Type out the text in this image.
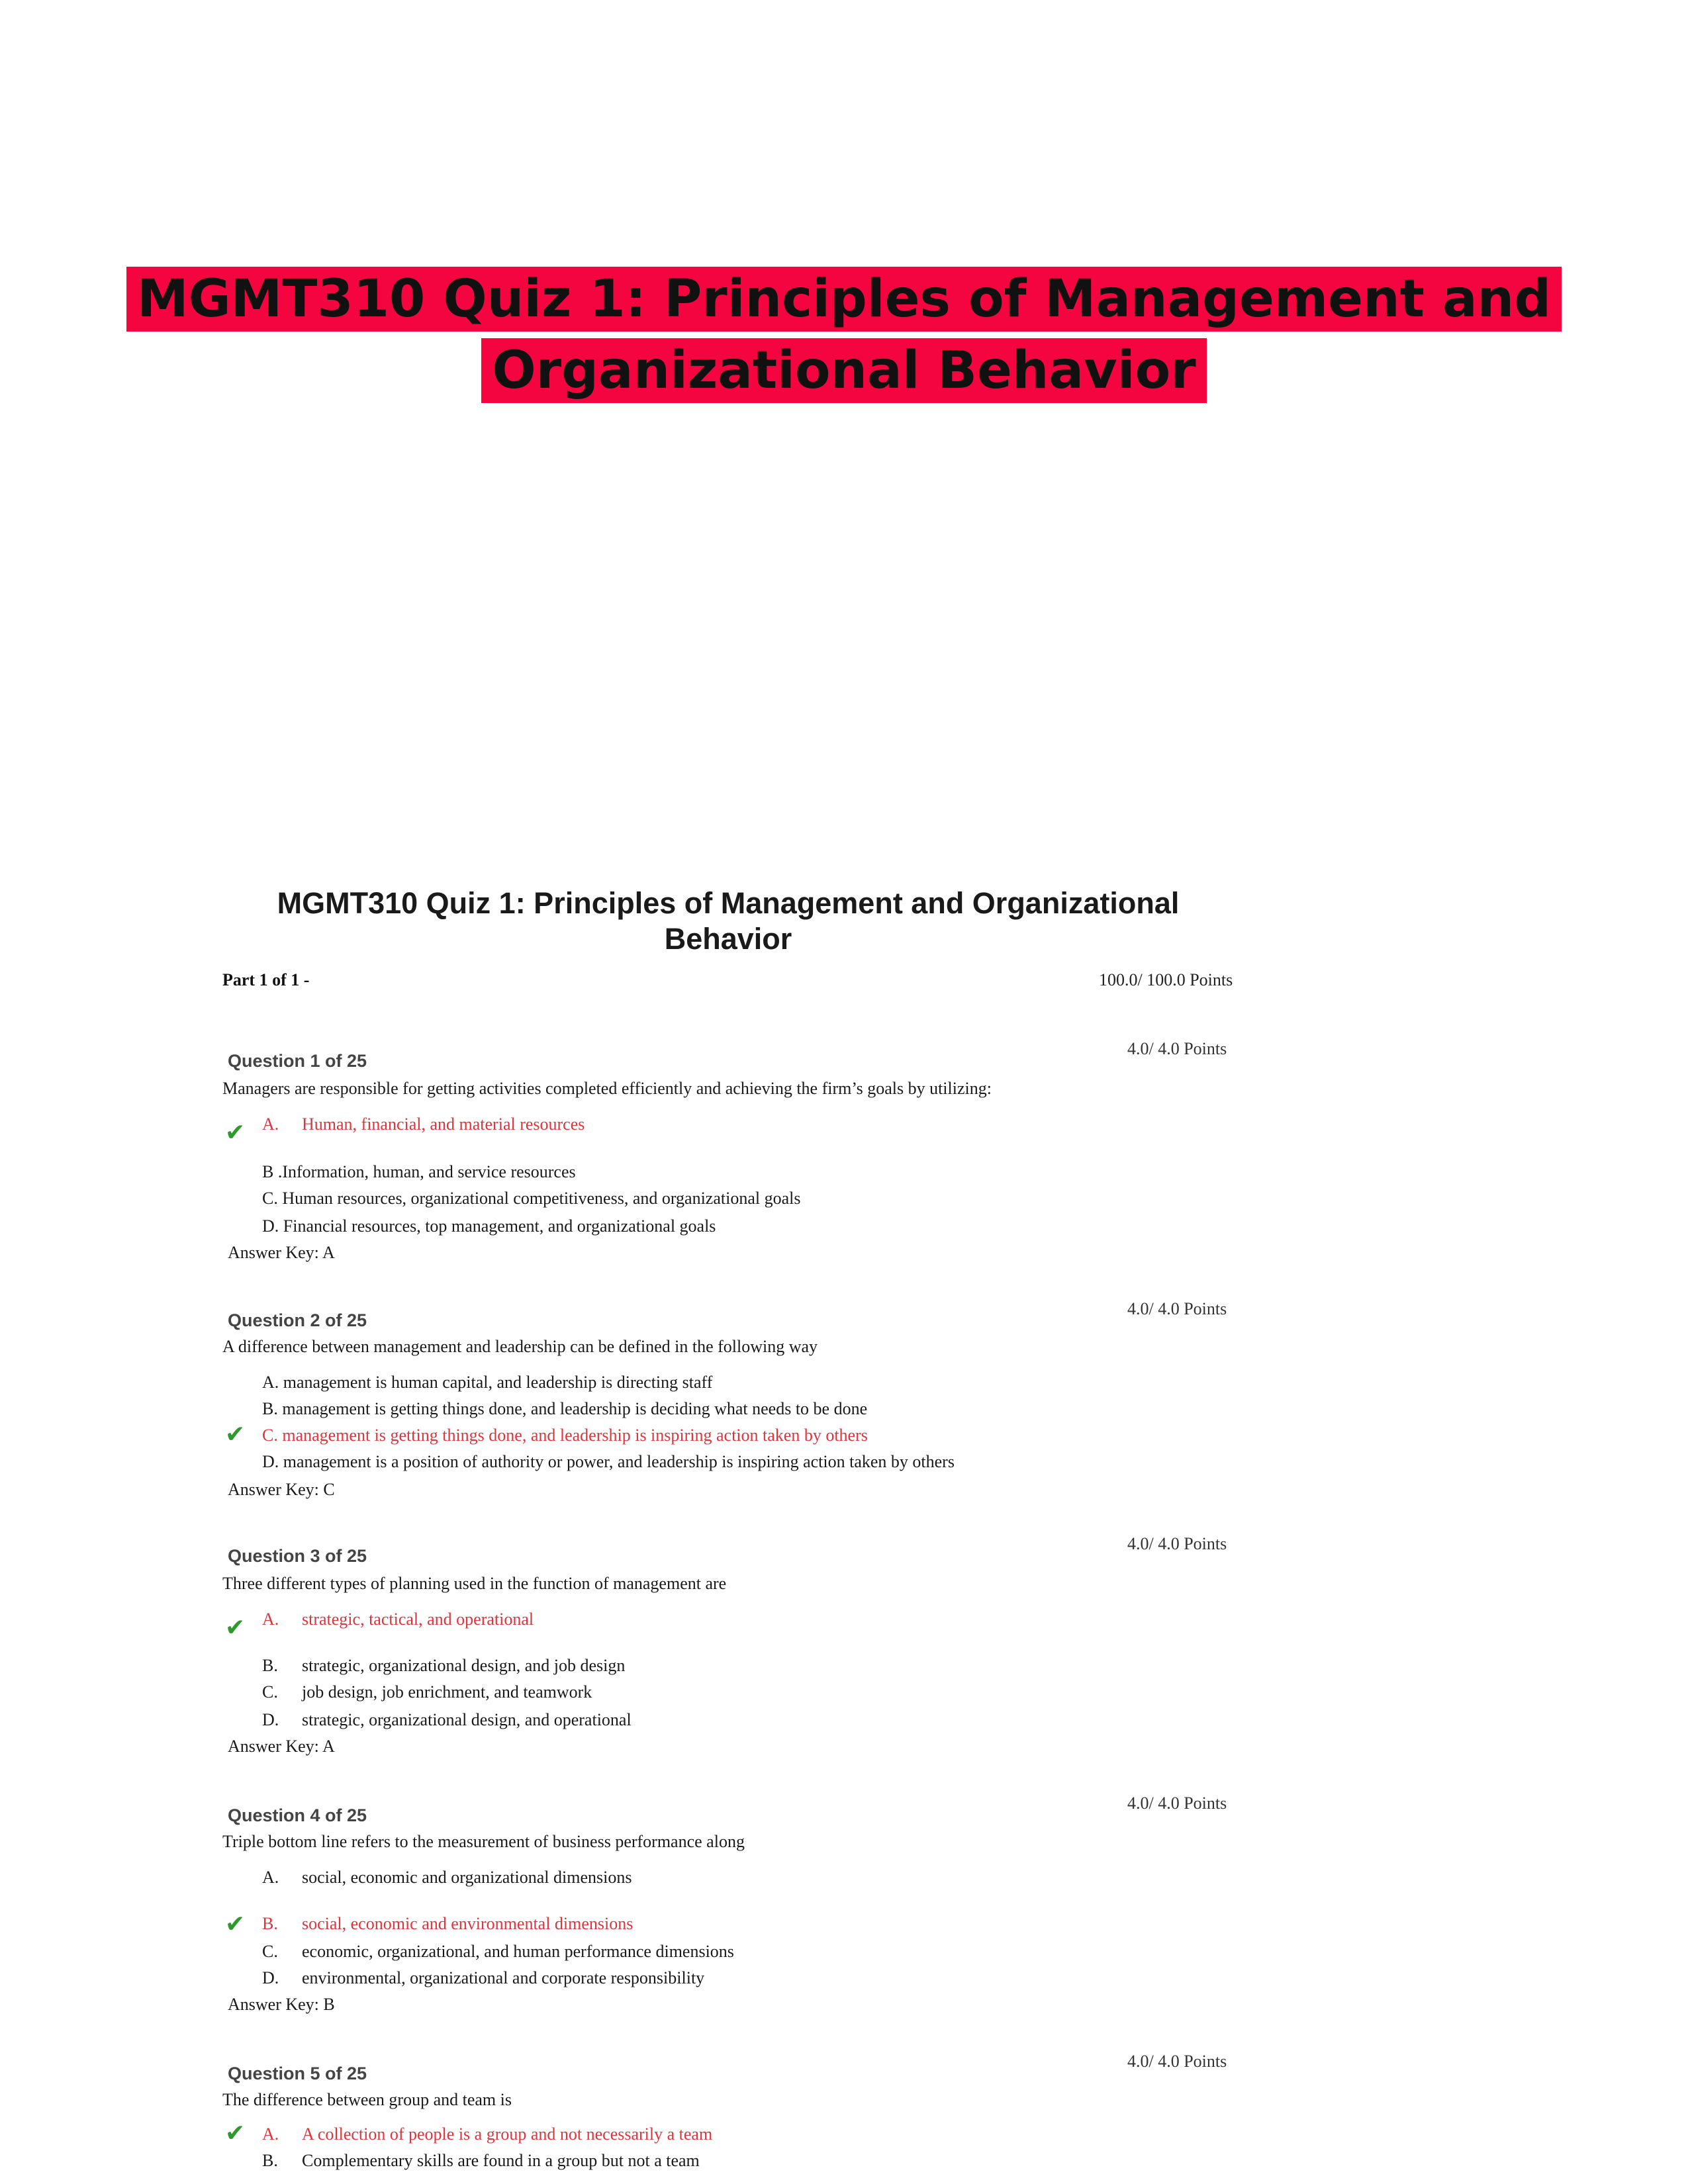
MGMT310 Quiz 1: Principles of Management and Organizational Behavior
MGMT310 Quiz 1: Principles of Management and Organizational Behavior
Part 1 of 1 -	100.0/ 100.0 Points
4.0/ 4.0 Points
Question 1 of 25
Managers are responsible for getting activities completed efficiently and achieving the firm’s goals by utilizing:
✔ A. Human, financial, and material resources
B .Information, human, and service resources
C. Human resources, organizational competitiveness, and organizational goals
D. Financial resources, top management, and organizational goals
Answer Key: A
4.0/ 4.0 Points
Question 2 of 25
A difference between management and leadership can be defined in the following way
A. management is human capital, and leadership is directing staff
B. management is getting things done, and leadership is deciding what needs to be done
✔ C. management is getting things done, and leadership is inspiring action taken by others
D. management is a position of authority or power, and leadership is inspiring action taken by others
Answer Key: C
4.0/ 4.0 Points
Question 3 of 25
Three different types of planning used in the function of management are
✔ A. strategic, tactical, and operational
B. strategic, organizational design, and job design
C. job design, job enrichment, and teamwork
D. strategic, organizational design, and operational
Answer Key: A
4.0/ 4.0 Points
Question 4 of 25
Triple bottom line refers to the measurement of business performance along
A. social, economic and organizational dimensions
✔ B. social, economic and environmental dimensions
C. economic, organizational, and human performance dimensions
D. environmental, organizational and corporate responsibility
Answer Key: B
4.0/ 4.0 Points
Question 5 of 25
The difference between group and team is
✔ A. A collection of people is a group and not necessarily a team
B. Complementary skills are found in a group but not a team
